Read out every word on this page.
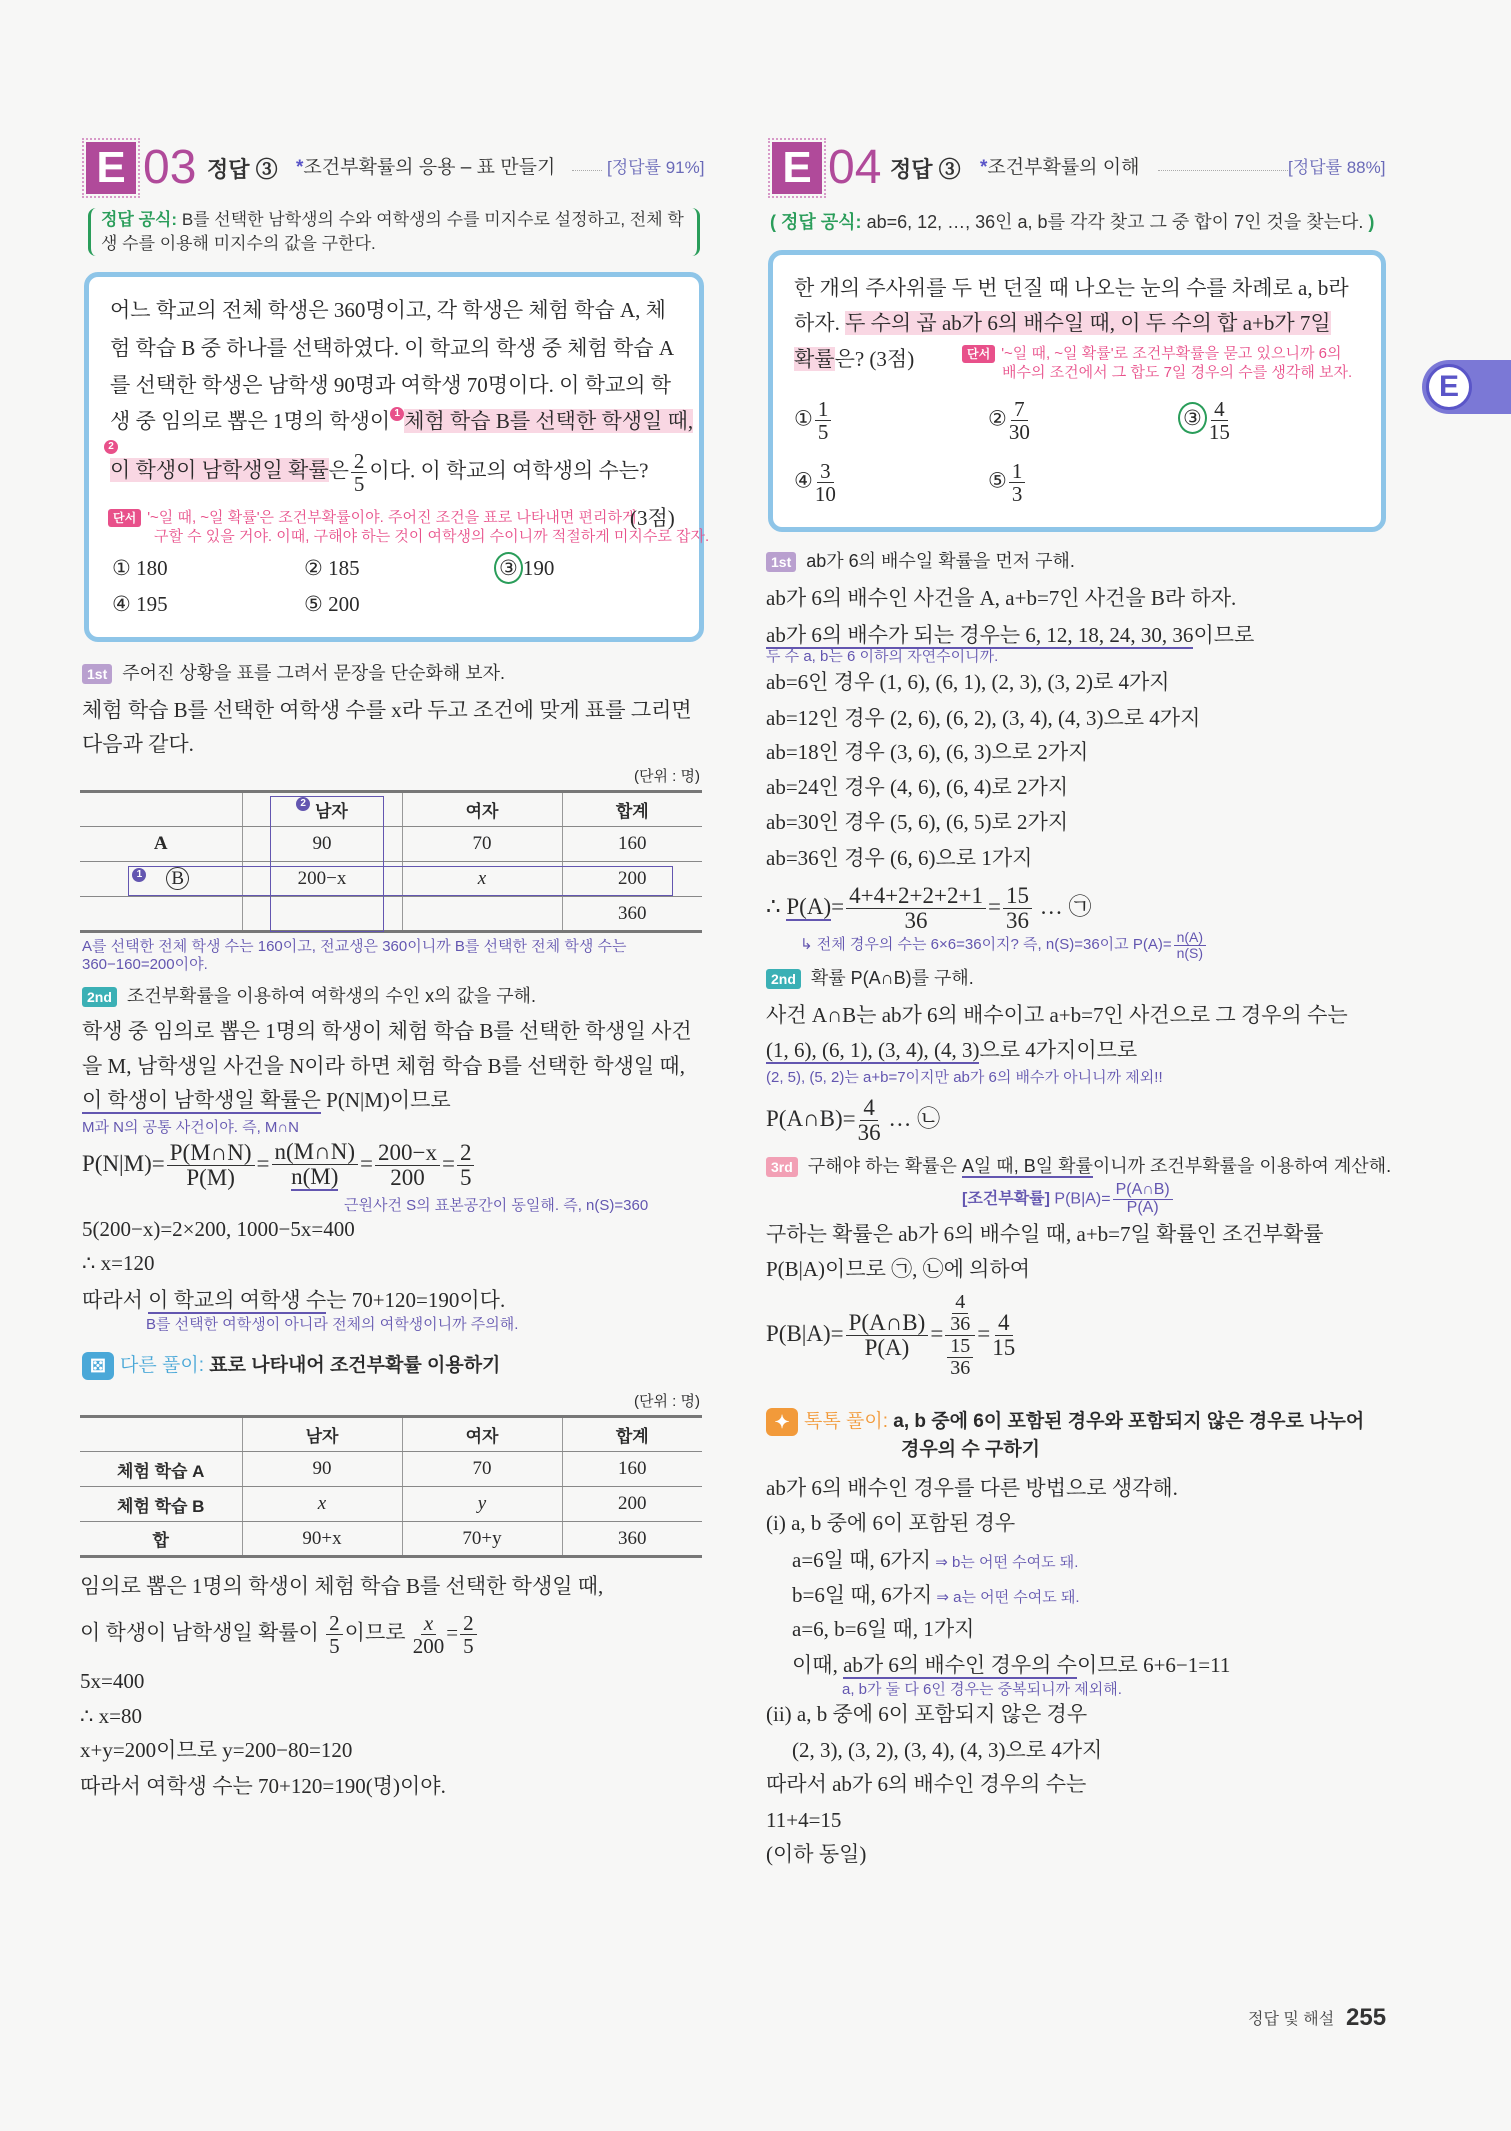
E 03 정답 ③ *조건부확률의 응용 – 표 만들기	[정답률 91%]
정답 공식: B를 선택한 남학생의 수와 여학생의 수를 미지수로 설정하고, 전체 학
생 수를 이용해 미지수의 값을 구한다.
어느 학교의 전체 학생은 360명이고, 각 학생은 체험 학습 A, 체
험 학습 B 중 하나를 선택하였다. 이 학교의 학생 중 체험 학습 A
를 선택한 학생은 남학생 90명과 여학생 70명이다. 이 학교의 학
생 중 임의로 뽑은 1명의 학생이 1 체험 학습 B를 선택한 학생일 때,
2
이 학생이 남학생일 확률은 $\frac{2}{5}$ 이다. 이 학교의 여학생의 수는?
단서 '~일 때, ~일 확률'은 조건부확률이야. 주어진 조건을 표로 나타내면 편리하게
구할 수 있을 거야. 이때, 구해야 하는 것이 여학생의 수이니까 적절하게 미지수로 잡자.
(3점)
① 180	② 185	③ 190
④ 195	⑤ 200
1st 주어진 상황을 표를 그려서 문장을 단순화해 보자.
체험 학습 B를 선택한 여학생 수를 x라 두고 조건에 맞게 표를 그리면
다음과 같다.
(단위 : 명)
	2 남자	여자	합계
A	90	70	160
1 B	200−x	x	200
			360
A를 선택한 전체 학생 수는 160이고, 전교생은 360이니까 B를 선택한 전체 학생 수는
360−160=200이야.
2nd 조건부확률을 이용하여 여학생의 수인 x의 값을 구해.
학생 중 임의로 뽑은 1명의 학생이 체험 학습 B를 선택한 학생일 사건
을 M, 남학생일 사건을 N이라 하면 체험 학습 B를 선택한 학생일 때,
이 학생이 남학생일 확률은 P(N|M)이므로
M과 N의 공통 사건이야. 즉, M∩N
$P(N|M)= \frac{P(M\cap N)}{P(M)} = \frac{n(M\cap N)}{n(M)} = \frac{200-x}{200} = \frac{2}{5}$
근원사건 S의 표본공간이 동일해. 즉, n(S)=360
5(200−x)=2×200, 1000−5x=400
∴ x=120
따라서 이 학교의 여학생 수는 70+120=190이다.
B를 선택한 여학생이 아니라 전체의 여학생이니까 주의해.
⚄ 다른 풀이: 표로 나타내어 조건부확률 이용하기
(단위 : 명)
	남자	여자	합계
체험 학습 A	90	70	160
체험 학습 B	x	y	200
합	90+x	70+y	360
임의로 뽑은 1명의 학생이 체험 학습 B를 선택한 학생일 때,
이 학생이 남학생일 확률이 $\frac{2}{5}$ 이므로 $\frac{x}{200} = \frac{2}{5}$
5x=400
∴ x=80
x+y=200이므로 y=200−80=120
따라서 여학생 수는 70+120=190(명)이야.
E 04 정답 ③ *조건부확률의 이해	[정답률 88%]
( 정답 공식: ab=6, 12, …, 36인 a, b를 각각 찾고 그 중 합이 7인 것을 찾는다. )
한 개의 주사위를 두 번 던질 때 나오는 눈의 수를 차례로 a, b라
하자. 두 수의 곱 ab가 6의 배수일 때, 이 두 수의 합 a+b가 7일
확률은? (3점)	단서 '~일 때, ~일 확률'로 조건부확률을 묻고 있으니까 6의
배수의 조건에서 그 합도 7일 경우의 수를 생각해 보자.
① $\frac{1}{5}$	② $\frac{7}{30}$	③ $\frac{4}{15}$
④ $\frac{3}{10}$	⑤ $\frac{1}{3}$
1st ab가 6의 배수일 확률을 먼저 구해.
ab가 6의 배수인 사건을 A, a+b=7인 사건을 B라 하자.
ab가 6의 배수가 되는 경우는 6, 12, 18, 24, 30, 36이므로
두 수 a, b는 6 이하의 자연수이니까.
ab=6인 경우 (1, 6), (6, 1), (2, 3), (3, 2)로 4가지
ab=12인 경우 (2, 6), (6, 2), (3, 4), (4, 3)으로 4가지
ab=18인 경우 (3, 6), (6, 3)으로 2가지
ab=24인 경우 (4, 6), (6, 4)로 2가지
ab=30인 경우 (5, 6), (6, 5)로 2가지
ab=36인 경우 (6, 6)으로 1가지
∴ $P(A)= \frac{4+4+2+2+2+1}{36} = \frac{15}{36}$ … ㉠
↳ 전체 경우의 수는 6×6=36이지? 즉, n(S)=36이고 $P(A)= \frac{n(A)}{n(S)}$
2nd 확률 P(A∩B)를 구해.
사건 A∩B는 ab가 6의 배수이고 a+b=7인 사건으로 그 경우의 수는
(1, 6), (6, 1), (3, 4), (4, 3)으로 4가지이므로
(2, 5), (5, 2)는 a+b=7이지만 ab가 6의 배수가 아니니까 제외!!
P(A∩B)= $\frac{4}{36}$ … ㉡
3rd 구해야 하는 확률은 A일 때, B일 확률이니까 조건부확률을 이용하여 계산해.
[조건부확률] $P(B|A)= \frac{P(A\cap B)}{P(A)}$
구하는 확률은 ab가 6의 배수일 때, a+b=7일 확률인 조건부확률
P(B|A)이므로 ㉠, ㉡에 의하여
$P(B|A)= \frac{P(A\cap B)}{P(A)} = \frac{\frac{4}{36}}{\frac{15}{36}} = \frac{4}{15}$
✦ 톡톡 풀이: a, b 중에 6이 포함된 경우와 포함되지 않은 경우로 나누어
경우의 수 구하기
ab가 6의 배수인 경우를 다른 방법으로 생각해.
(i) a, b 중에 6이 포함된 경우
a=6일 때, 6가지 ⇒ b는 어떤 수여도 돼.
b=6일 때, 6가지 ⇒ a는 어떤 수여도 돼.
a=6, b=6일 때, 1가지
이때, ab가 6의 배수인 경우의 수이므로 6+6−1=11
a, b가 둘 다 6인 경우는 중복되니까 제외해.
(ii) a, b 중에 6이 포함되지 않은 경우
(2, 3), (3, 2), (3, 4), (4, 3)으로 4가지
따라서 ab가 6의 배수인 경우의 수는
11+4=15
(이하 동일)
E
정답 및 해설 255
